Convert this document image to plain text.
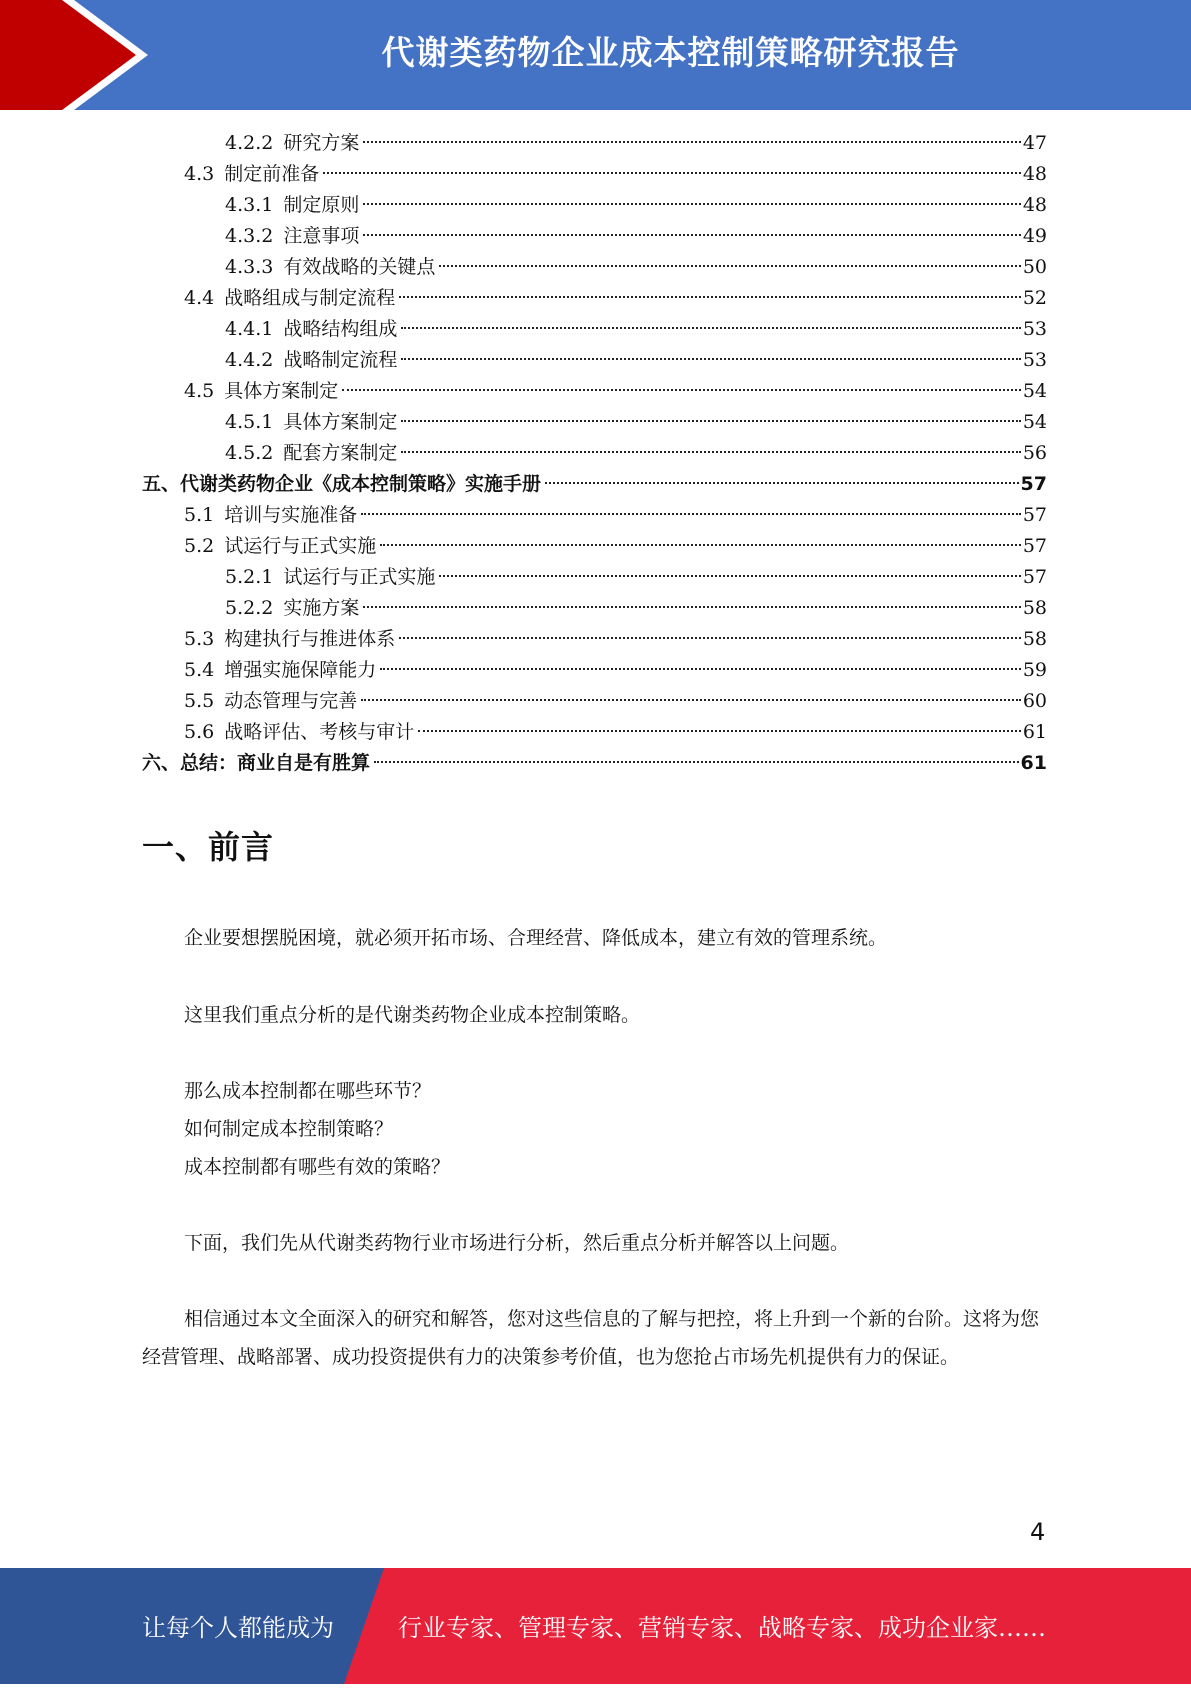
代谢类药物企业成本控制策略研究报告
4.2.2 研究方案	47
4.3 制定前准备	48
4.3.1 制定原则	48
4.3.2 注意事项	49
4.3.3 有效战略的关键点	50
4.4 战略组成与制定流程	52
4.4.1 战略结构组成	53
4.4.2 战略制定流程	53
4.5 具体方案制定	54
4.5.1 具体方案制定	54
4.5.2 配套方案制定	56
五、 代谢类药物企业《成本控制策略》实施手册	57
5.1 培训与实施准备	57
5.2 试运行与正式实施	57
5.2.1 试运行与正式实施	57
5.2.2 实施方案	58
5.3 构建执行与推进体系	58
5.4 增强实施保障能力	59
5.5 动态管理与完善	60
5.6 战略评估、考核与审计	61
六、 总结：商业自是有胜算	61
一、前言

企业要想摆脱困境，就必须开拓市场、合理经营、降低成本，建立有效的管理系统。

这里我们重点分析的是代谢类药物企业成本控制策略。

那么成本控制都在哪些环节？

如何制定成本控制策略？

成本控制都有哪些有效的策略？

下面，我们先从代谢类药物行业市场进行分析，然后重点分析并解答以上问题。

相信通过本文全面深入的研究和解答，您对这些信息的了解与把控，将上升到一个新的台阶。这将为您经营管理、战略部署、成功投资提供有力的决策参考价值，也为您抢占市场先机提供有力的保证。

4
让每个人都能成为	行业专家、管理专家、营销专家、战略专家、成功企业家……
